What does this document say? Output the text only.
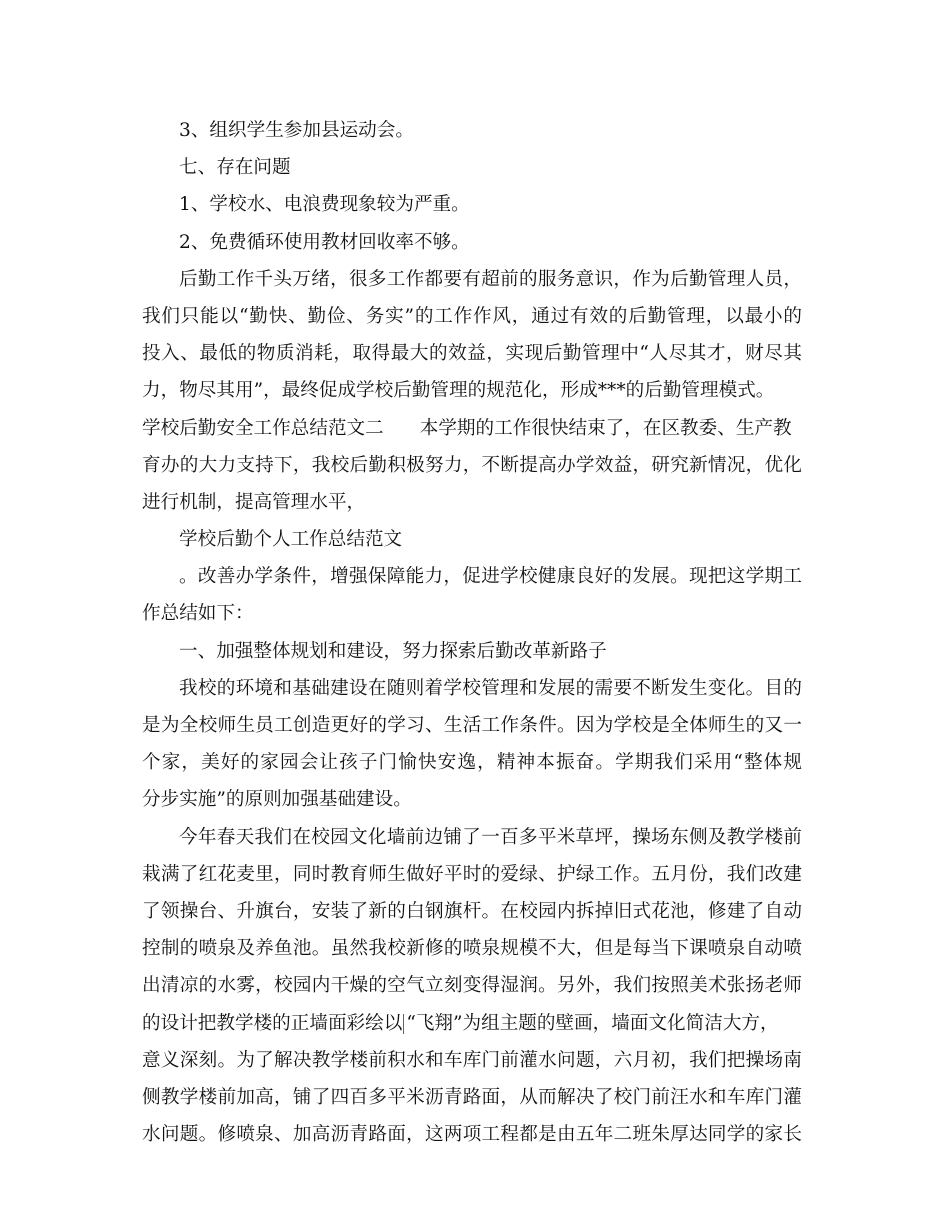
3、组织学生参加县运动会。
七、存在问题
1、学校水、电浪费现象较为严重。
2、免费循环使用教材回收率不够。
后勤工作千头万绪，很多工作都要有超前的服务意识，作为后勤管理人员，
我们只能以“勤快、勤俭、务实”的工作作风，通过有效的后勤管理，以最小的
投入、最低的物质消耗，取得最大的效益，实现后勤管理中“人尽其才，财尽其
力，物尽其用”，最终促成学校后勤管理的规范化，形成***的后勤管理模式。
学校后勤安全工作总结范文二 本学期的工作很快结束了，在区教委、生产教
育办的大力支持下，我校后勤积极努力，不断提高办学效益，研究新情况，优化
进行机制，提高管理水平，
学校后勤个人工作总结范文
。改善办学条件，增强保障能力，促进学校健康良好的发展。现把这学期工
作总结如下：
一、加强整体规划和建设，努力探索后勤改革新路子
我校的环境和基础建设在随则着学校管理和发展的需要不断发生变化。目的
是为全校师生员工创造更好的学习、生活工作条件。因为学校是全体师生的又一
个家，美好的家园会让孩子门愉快安逸，精神本振奋。学期我们采用“整体规
分步实施”的原则加强基础建设。
今年春天我们在校园文化墙前边铺了一百多平米草坪，操场东侧及教学楼前
栽满了红花麦里，同时教育师生做好平时的爱绿、护绿工作。五月份，我们改建
了领操台、升旗台，安装了新的白钢旗杆。在校园内拆掉旧式花池，修建了自动
控制的喷泉及养鱼池。虽然我校新修的喷泉规模不大，但是每当下课喷泉自动喷
出清凉的水雾，校园内干燥的空气立刻变得湿润。另外，我们按照美术张扬老师
的设计把教学楼的正墙面彩绘以 “飞翔”为组主题的壁画，墙面文化简洁大方，
意义深刻。为了解决教学楼前积水和车库门前灌水问题，六月初，我们把操场南
侧教学楼前加高，铺了四百多平米沥青路面，从而解决了校门前汪水和车库门灌
水问题。修喷泉、加高沥青路面，这两项工程都是由五年二班朱厚达同学的家长
